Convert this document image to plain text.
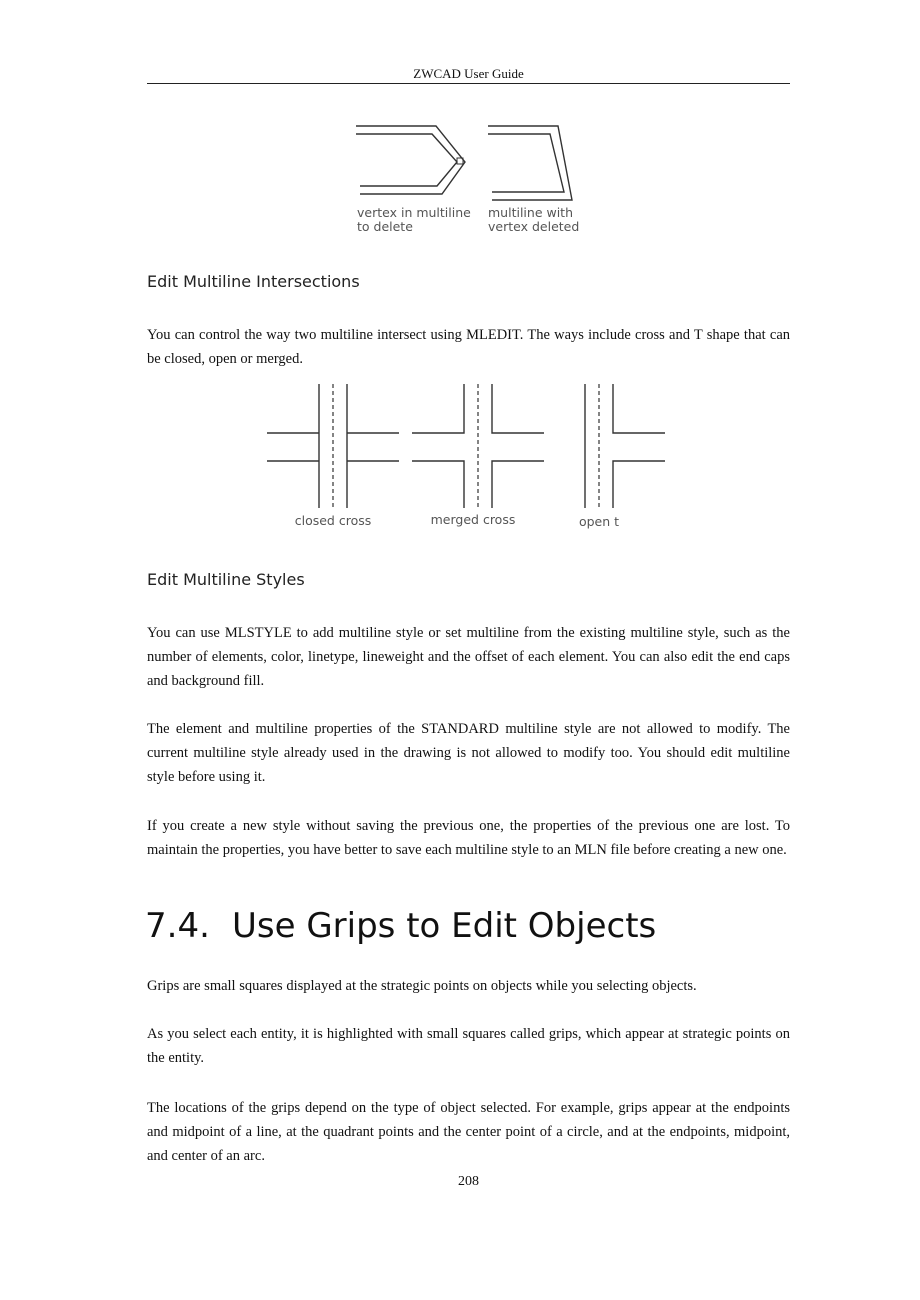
ZWCAD User Guide
vertex in multiline
to delete
multiline with
vertex deleted
Edit Multiline Intersections
You can control the way two multiline intersect using MLEDIT. The ways include cross and T shape that can be closed, open or merged.
closed cross	merged cross	open t
Edit Multiline Styles
You can use MLSTYLE to add multiline style or set multiline from the existing multiline style, such as the number of elements, color, linetype, lineweight and the offset of each element. You can also edit the end caps and background fill.
The element and multiline properties of the STANDARD multiline style are not allowed to modify. The current multiline style already used in the drawing is not allowed to modify too. You should edit multiline style before using it.
If you create a new style without saving the previous one, the properties of the previous one are lost. To maintain the properties, you have better to save each multiline style to an MLN file before creating a new one.
7.4. Use Grips to Edit Objects
Grips are small squares displayed at the strategic points on objects while you selecting objects.
As you select each entity, it is highlighted with small squares called grips, which appear at strategic points on the entity.
The locations of the grips depend on the type of object selected. For example, grips appear at the endpoints and midpoint of a line, at the quadrant points and the center point of a circle, and at the endpoints, midpoint, and center of an arc.
208
